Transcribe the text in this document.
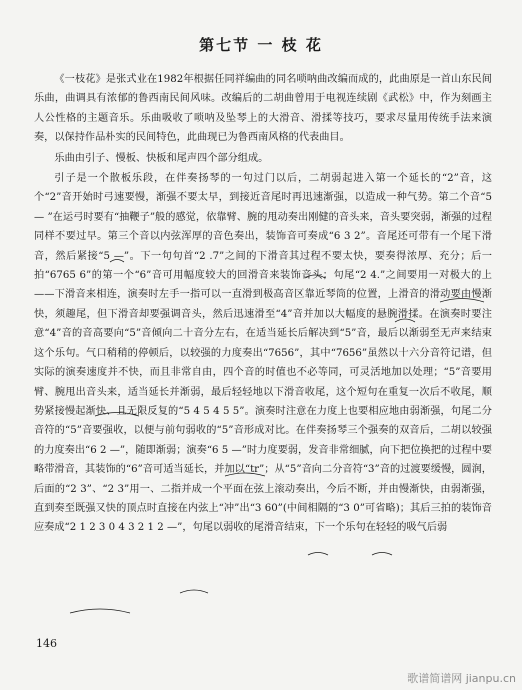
第七节 一 枝 花

《一枝花》是张式业在1982年根据任同祥编曲的同名唢呐曲改编而成的，此曲原是一首山东民间乐曲，曲调具有浓郁的鲁西南民间风味。改编后的二胡曲曾用于电视连续剧《武松》中，作为刻画主人公性格的主题音乐。乐曲吸收了唢呐及坠琴上的大滑音、滑揉等技巧，要求尽量用传统手法来演奏，以保持作品朴实的民间特色，此曲现已为鲁西南风格的代表曲目。

乐曲由引子、慢板、快板和尾声四个部分组成。

引子是一个散板乐段，在伴奏扬琴的一句过门以后，二胡弱起进入第一个延长的“2”音，这个“2”音开始时弓速要慢，渐强不要太早，到接近音尾时再迅速渐强，以造成一种气势。第二个音“5 — ”在运弓时要有“抽鞭子”般的感觉，依靠臂、腕的甩动奏出刚健的音头来，音头要突弱，渐强的过程同样不要过早。第三个音以内弦浑厚的音色奏出，装饰音可奏成“6 3 2”。音尾还可带有一个尾下滑音，然后紧接“5 —”。下一句句首“2 .7”之间的下滑音其过程不要太快，要奏得浓厚、充分；后一拍“6765 6”的第一个“6”音可用幅度较大的回滑音来装饰音头；句尾“2 4.”之间要用一对极大的上——下滑音来相连，演奏时左手一指可以一直滑到极高音区靠近琴筒的位置，上滑音的滑动要由慢渐快，须趣尾，但下滑音却要强调音头，然后迅速滑至“4”音并加以大幅度的悬腕滑揉。在演奏时要注意“4”音的音高要向“5”音倾向二十音分左右，在适当延长后解决到“5”音，最后以渐弱至无声来结束这个乐句。气口稍稍的停顿后，以较强的力度奏出“7656”，其中“7656”虽然以十六分音符记谱，但实际的演奏速度并不快，而且非常自由，四个音的时值也不必等同，可灵活地加以处理；“5”音要用臂、腕甩出音头来，适当延长并渐弱，最后轻轻地以下滑音收尾，这个短句在重复一次后不收尾，顺势紧接慢起渐快、且无限反复的“5 4 5 4 5 5”。演奏时注意在力度上也要相应地由弱渐强，句尾二分音符的“5”音要强收，以便与前句弱收的“5”音形成对比。在伴奏扬琴三个强奏的双音后，二胡以较强的力度奏出“6 2 —”，随即渐弱；演奏“6 5 —”时力度要弱，发音非常细腻，向下把位换把的过程中要略带滑音，其装饰的“6”音可适当延长，并加以“tr”；从“5”音向二分音符“3”音的过渡要缓慢，圆润，后面的“2 3”、“2 3”用一、二指并成一个平面在弦上滚动奏出，今后不断，并由慢渐快，由弱渐强，直到奏至既强又快的顶点时直接在内弦上“冲”出“3 60”(中间相隔的“3 0”可省略)；其后三拍的装饰音应奏成“2 1 2 3 0 4 3 2 1 2 —”，句尾以弱收的尾滑音结束，下一个乐句在轻轻的吸气后弱

146
歌谱简谱网 jianpu.cn
